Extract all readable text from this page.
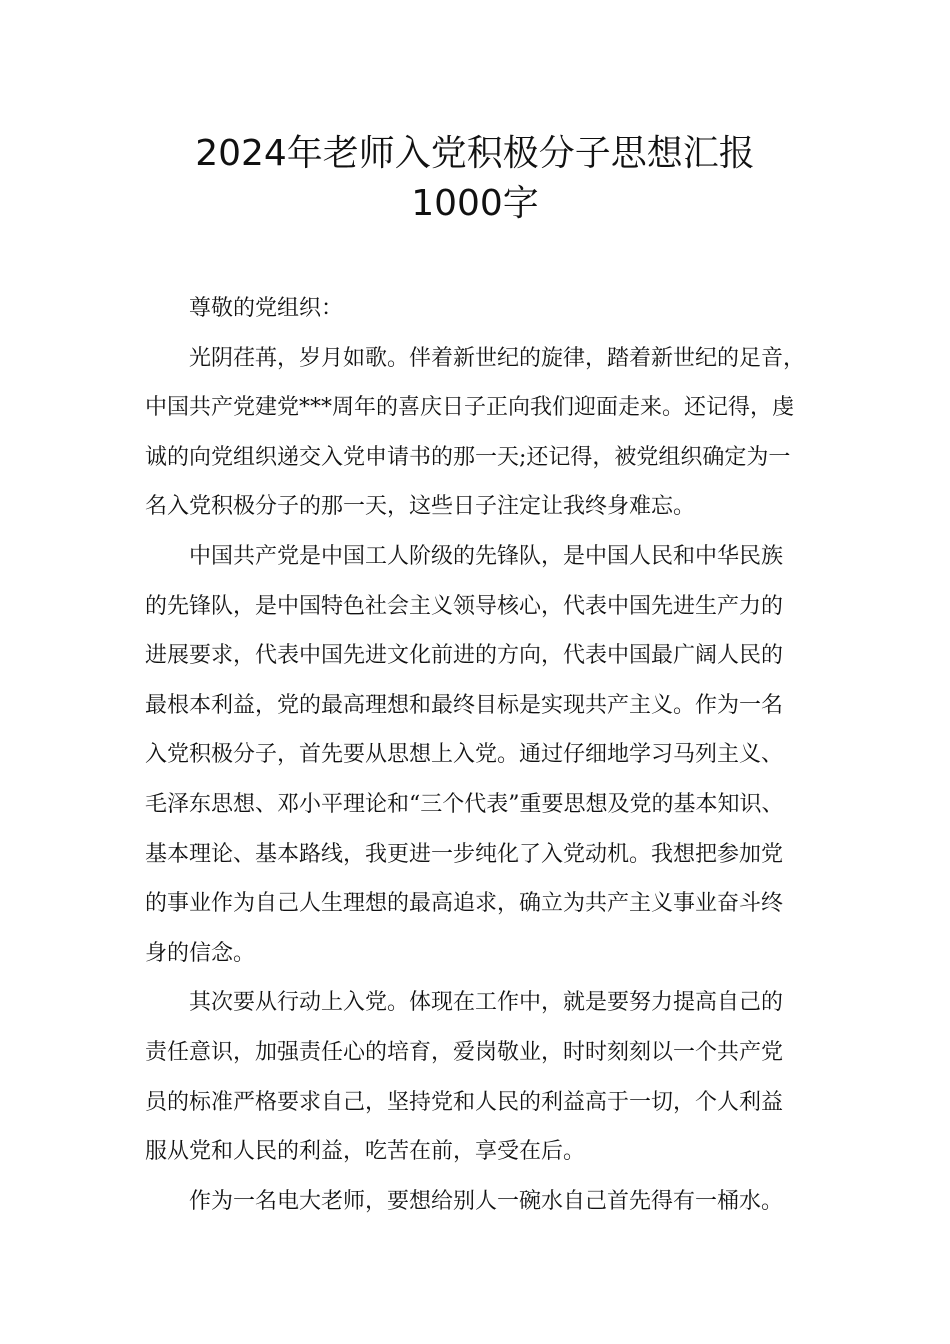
2024年老师入党积极分子思想汇报
1000字

尊敬的党组织：

光阴荏苒，岁月如歌。伴着新世纪的旋律，踏着新世纪的足音，
中国共产党建党***周年的喜庆日子正向我们迎面走来。还记得，虔
诚的向党组织递交入党申请书的那一天;还记得，被党组织确定为一
名入党积极分子的那一天，这些日子注定让我终身难忘。

中国共产党是中国工人阶级的先锋队，是中国人民和中华民族
的先锋队，是中国特色社会主义领导核心，代表中国先进生产力的
进展要求，代表中国先进文化前进的方向，代表中国最广阔人民的
最根本利益，党的最高理想和最终目标是实现共产主义。作为一名
入党积极分子，首先要从思想上入党。通过仔细地学习马列主义、
毛泽东思想、邓小平理论和“三个代表”重要思想及党的基本知识、
基本理论、基本路线，我更进一步纯化了入党动机。我想把参加党
的事业作为自己人生理想的最高追求，确立为共产主义事业奋斗终
身的信念。

其次要从行动上入党。体现在工作中，就是要努力提高自己的
责任意识，加强责任心的培育，爱岗敬业，时时刻刻以一个共产党
员的标准严格要求自己，坚持党和人民的利益高于一切，个人利益
服从党和人民的利益，吃苦在前，享受在后。

作为一名电大老师，要想给别人一碗水自己首先得有一桶水。
